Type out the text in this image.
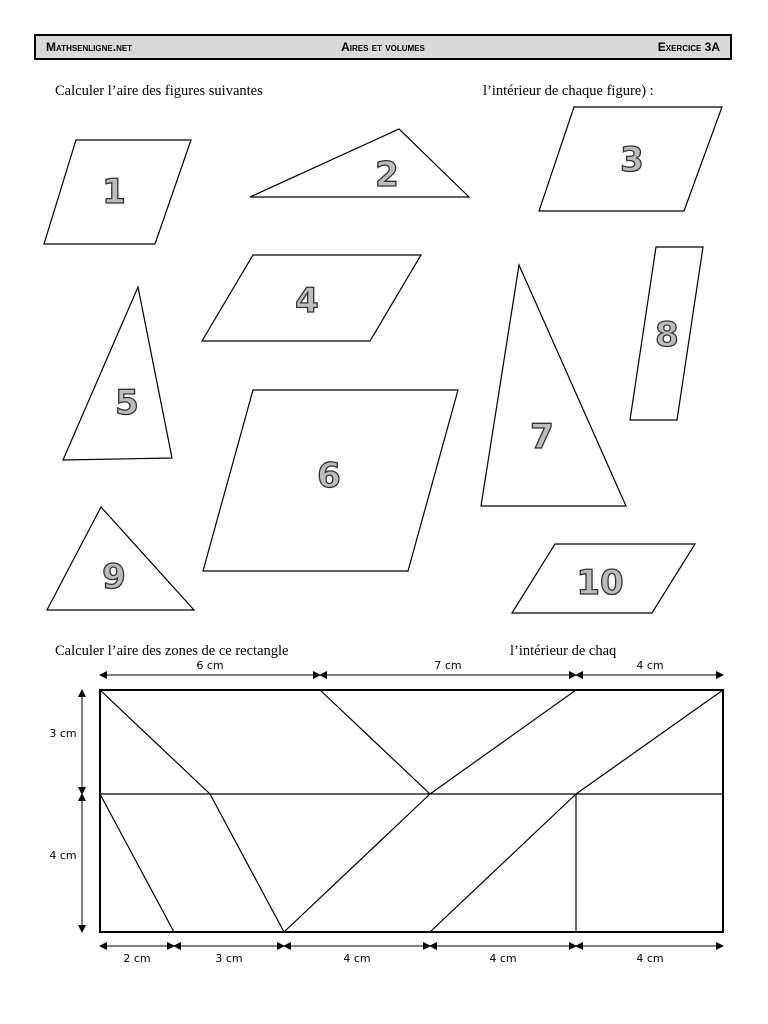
Mathsenligne.net	Aires et volumes	Exercice 3A
Calculer l’aire des figures suivantes	l’intérieur de chaque figure) :
Calculer l’aire des zones de ce rectangle	l’intérieur de chaq
1	2	3
4
5
6
7
8
9	10
6 cm	7 cm	4 cm
3 cm
4 cm
2 cm	3 cm	4 cm	4 cm	4 cm
